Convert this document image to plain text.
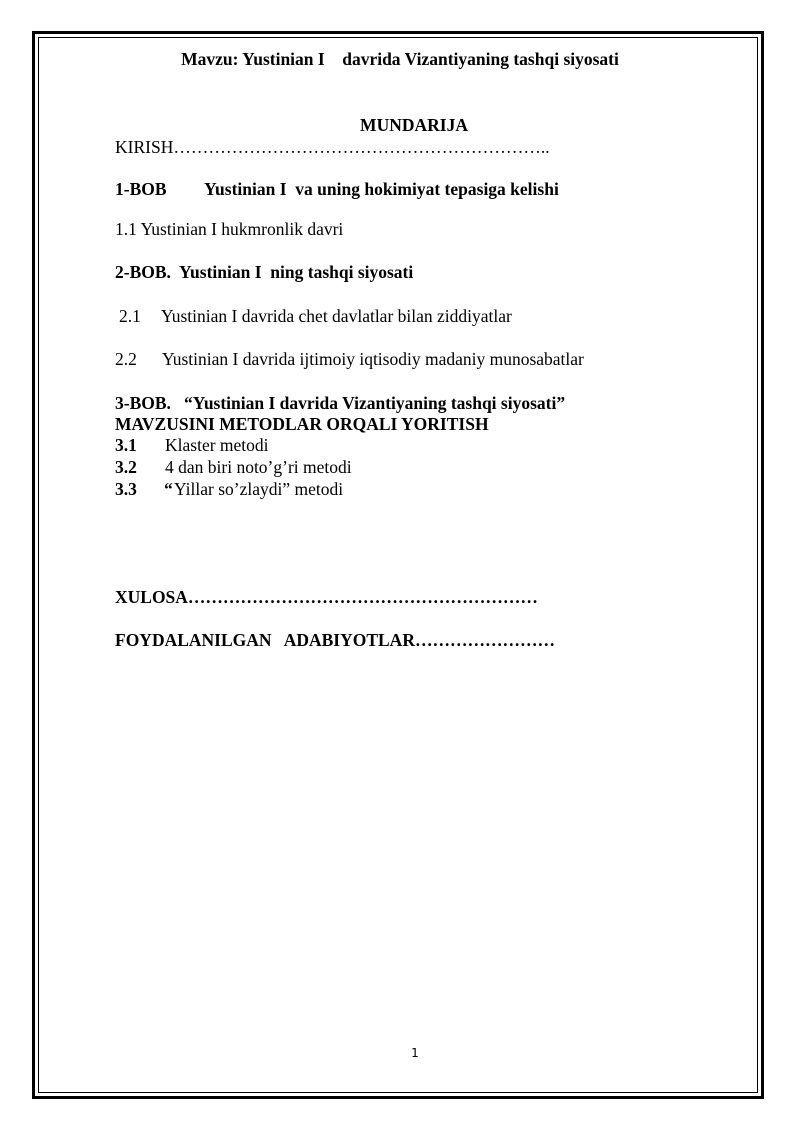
Mavzu: Yustinian I    davrida Vizantiyaning tashqi siyosati
MUNDARIJA
KIRISH………………………………………………………..
1-BOB Yustinian I  va uning hokimiyat tepasiga kelishi
1.1 Yustinian I hukmronlik davri
2-BOB.  Yustinian I  ning tashqi siyosati
2.1 Yustinian I davrida chet davlatlar bilan ziddiyatlar
2.2 Yustinian I davrida ijtimoiy iqtisodiy madaniy munosabatlar
3-BOB.   “Yustinian I davrida Vizantiyaning tashqi siyosati”
MAVZUSINI METODLAR ORQALI YORITISH
3.1 Klaster metodi
3.2 4 dan biri noto’g’ri metodi
3.3 “ Yillar so’zlaydi” metodi
XULOSA……………………………………………………
FOYDALANILGAN   ADABIYOTLAR……………………
1
